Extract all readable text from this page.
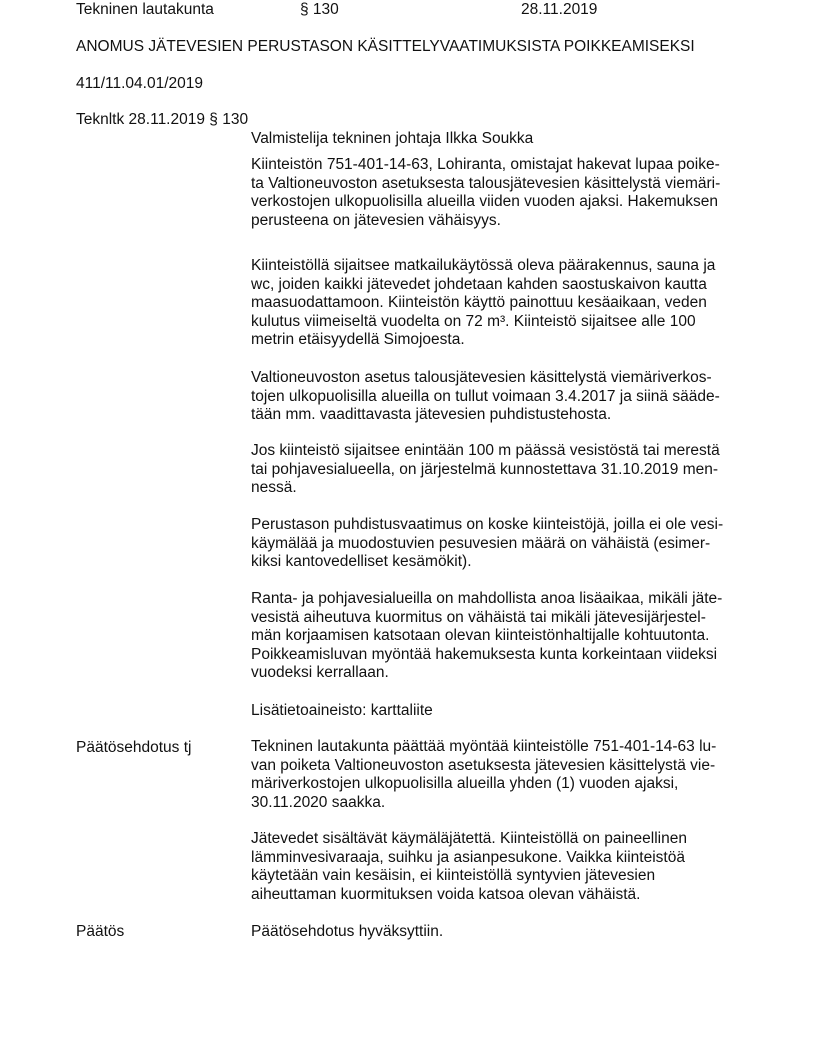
Tekninen lautakunta	§ 130	28.11.2019
ANOMUS JÄTEVESIEN PERUSTASON KÄSITTELYVAATIMUKSISTA POIKKEAMISEKSI
411/11.04.01/2019
Teknltk 28.11.2019 § 130
Valmistelija tekninen johtaja Ilkka Soukka
Kiinteistön 751-401-14-63, Lohiranta, omistajat hakevat lupaa poike-
ta Valtioneuvoston asetuksesta talousjätevesien käsittelystä viemäri-
verkostojen ulkopuolisilla alueilla viiden vuoden ajaksi. Hakemuksen
perusteena on jätevesien vähäisyys.
Kiinteistöllä sijaitsee matkailukäytössä oleva päärakennus, sauna ja
wc, joiden kaikki jätevedet johdetaan kahden saostuskaivon kautta
maasuodattamoon. Kiinteistön käyttö painottuu kesäaikaan, veden
kulutus viimeiseltä vuodelta on 72 m³. Kiinteistö sijaitsee alle 100
metrin etäisyydellä Simojoesta.
Valtioneuvoston asetus talousjätevesien käsittelystä viemäriverkos-
tojen ulkopuolisilla alueilla on tullut voimaan 3.4.2017 ja siinä sääde-
tään mm. vaadittavasta jätevesien puhdistustehosta.
Jos kiinteistö sijaitsee enintään 100 m päässä vesistöstä tai merestä
tai pohjavesialueella, on järjestelmä kunnostettava 31.10.2019 men-
nessä.
Perustason puhdistusvaatimus on koske kiinteistöjä, joilla ei ole vesi-
käymälää ja muodostuvien pesuvesien määrä on vähäistä (esimer-
kiksi kantovedelliset kesämökit).
Ranta- ja pohjavesialueilla on mahdollista anoa lisäaikaa, mikäli jäte-
vesistä aiheutuva kuormitus on vähäistä tai mikäli jätevesijärjestel-
män korjaamisen katsotaan olevan kiinteistönhaltijalle kohtuutonta.
Poikkeamisluvan myöntää hakemuksesta kunta korkeintaan viideksi
vuodeksi kerrallaan.
Lisätietoaineisto: karttaliite
Päätösehdotus tj	Tekninen lautakunta päättää myöntää kiinteistölle 751-401-14-63 lu-
van poiketa Valtioneuvoston asetuksesta jätevesien käsittelystä vie-
märiverkostojen ulkopuolisilla alueilla yhden (1) vuoden ajaksi,
30.11.2020 saakka.
Jätevedet sisältävät käymäläjätettä. Kiinteistöllä on paineellinen
lämminvesivaraaja, suihku ja asianpesukone. Vaikka kiinteistöä
käytetään vain kesäisin, ei kiinteistöllä syntyvien jätevesien
aiheuttaman kuormituksen voida katsoa olevan vähäistä.
Päätös	Päätösehdotus hyväksyttiin.
